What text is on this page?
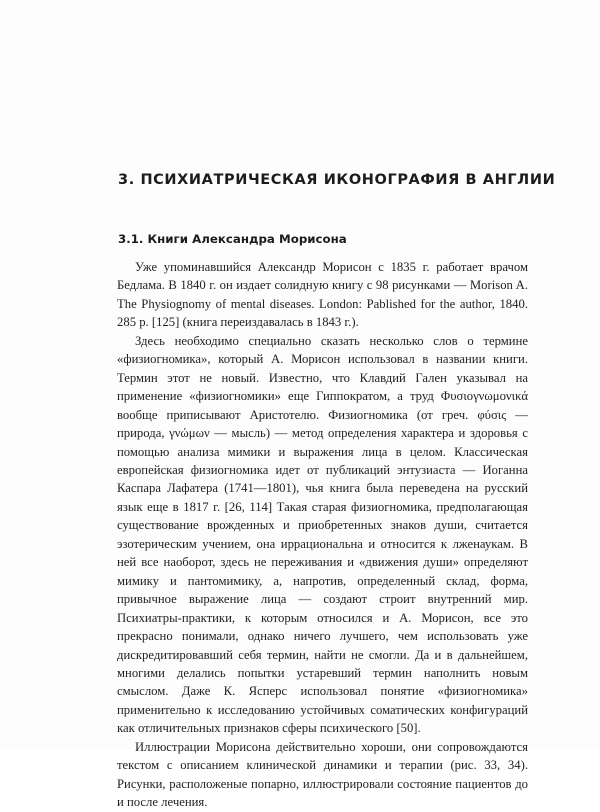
3. ПСИХИАТРИЧЕСКАЯ ИКОНОГРАФИЯ В АНГЛИИ
3.1. Книги Александра Морисона

Уже упоминавшийся Александр Морисон с 1835 г. работает врачом Бедлама. В 1840 г. он издает солидную книгу с 98 рисунками — Morison A. The Physiognomy of mental diseases. London: Pablished for the author, 1840. 285 p. [125] (книга переиздавалась в 1843 г.).

Здесь необходимо специально сказать несколько слов о термине «физиогномика», который А. Морисон использовал в названии книги. Термин этот не новый. Известно, что Клавдий Гален указывал на применение «физиогномики» еще Гиппократом, а труд Φυσιογνωμονικά вообще приписывают Аристотелю. Физиогномика (от греч. φύσις — природа, γνώμων — мысль) — метод определения характера и здоровья с помощью анализа мимики и выражения лица в целом. Классическая европейская физиогномика идет от публикаций энтузиаста — Иоганна Каспара Лафатера (1741—1801), чья книга была переведена на русский язык еще в 1817 г. [26, 114] Такая старая физиогномика, предполагающая существование врожденных и приобретенных знаков души, считается эзотерическим учением, она иррациональна и относится к лженаукам. В ней все наоборот, здесь не переживания и «движения души» определяют мимику и пантомимику, а, напротив, определенный склад, форма, привычное выражение лица — создают строит внутренний мир. Психиатры-практики, к которым относился и А. Морисон, все это прекрасно понимали, однако ничего лучшего, чем использовать уже дискредитировавший себя термин, найти не смогли. Да и в дальнейшем, многими делались попытки устаревший термин наполнить новым смыслом. Даже К. Ясперс использовал понятие «физиогномика» применительно к исследованию устойчивых соматических конфигураций как отличительных признаков сферы психического [50].

Иллюстрации Морисона действительно хороши, они сопровождаются текстом с описанием клинической динамики и терапии (рис. 33, 34). Рисунки, расположеные попарно, иллюстрировали состояние пациентов до и после лечения.
